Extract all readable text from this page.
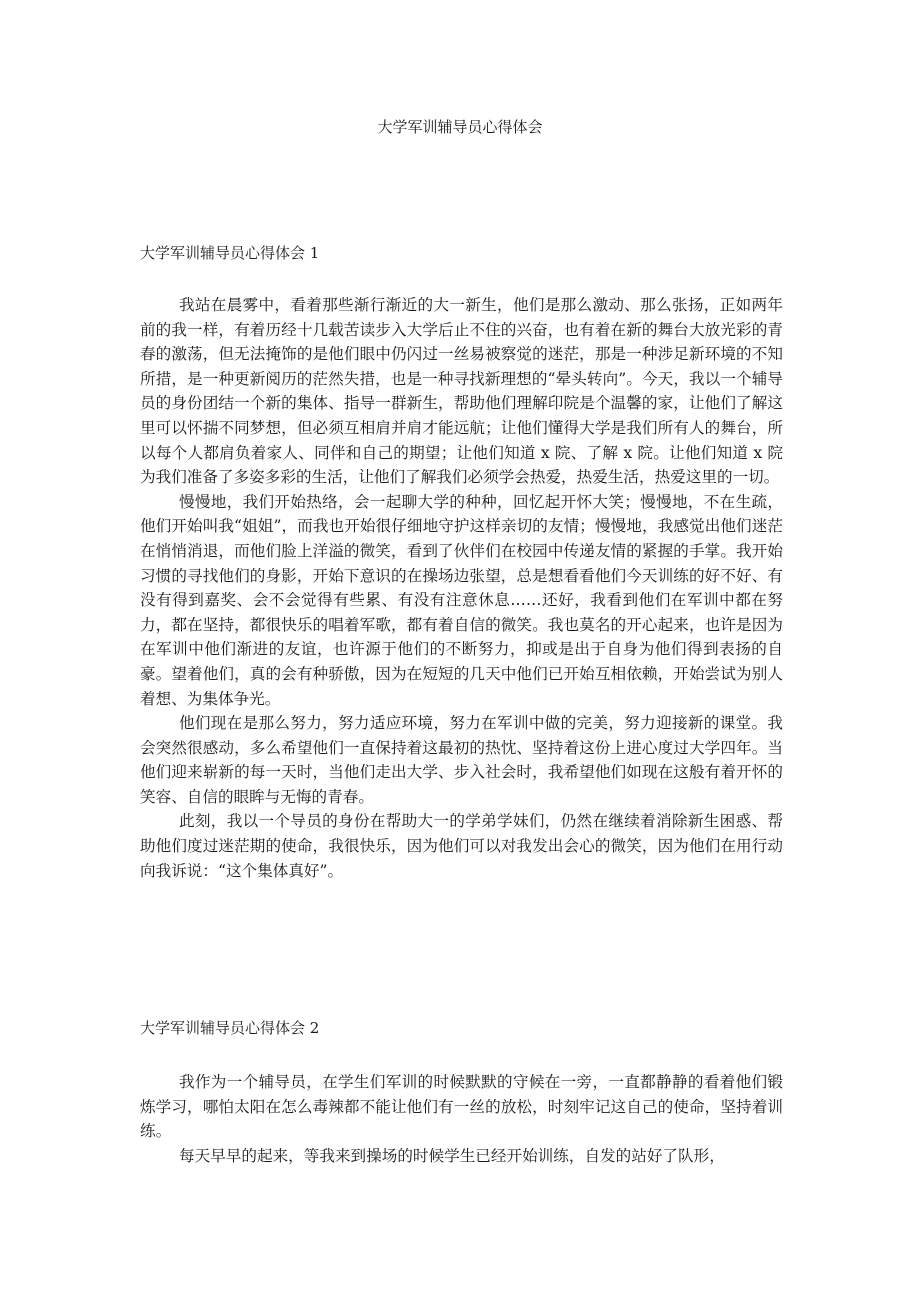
大学军训辅导员心得体会
大学军训辅导员心得体会 1

我站在晨雾中，看着那些渐行渐近的大一新生，他们是那么激动、那么张扬，正如两年前的我一样，有着历经十几载苦读步入大学后止不住的兴奋，也有着在新的舞台大放光彩的青春的激荡，但无法掩饰的是他们眼中仍闪过一丝易被察觉的迷茫，那是一种涉足新环境的不知所措，是一种更新阅历的茫然失措，也是一种寻找新理想的“晕头转向”。今天，我以一个辅导员的身份团结一个新的集体、指导一群新生，帮助他们理解印院是个温馨的家，让他们了解这里可以怀揣不同梦想，但必须互相肩并肩才能远航；让他们懂得大学是我们所有人的舞台，所以每个人都肩负着家人、同伴和自己的期望；让他们知道 x 院、了解 x 院。让他们知道 x 院为我们准备了多姿多彩的生活，让他们了解我们必须学会热爱，热爱生活，热爱这里的一切。

慢慢地，我们开始热络，会一起聊大学的种种，回忆起开怀大笑；慢慢地，不在生疏，他们开始叫我“姐姐”，而我也开始很仔细地守护这样亲切的友情；慢慢地，我感觉出他们迷茫在悄悄消退，而他们脸上洋溢的微笑，看到了伙伴们在校园中传递友情的紧握的手掌。我开始习惯的寻找他们的身影，开始下意识的在操场边张望，总是想看看他们今天训练的好不好、有没有得到嘉奖、会不会觉得有些累、有没有注意休息……还好，我看到他们在军训中都在努力，都在坚持，都很快乐的唱着军歌，都有着自信的微笑。我也莫名的开心起来，也许是因为在军训中他们渐进的友谊，也许源于他们的不断努力，抑或是出于自身为他们得到表扬的自豪。望着他们，真的会有种骄傲，因为在短短的几天中他们已开始互相依赖，开始尝试为别人着想、为集体争光。

他们现在是那么努力，努力适应环境，努力在军训中做的完美，努力迎接新的课堂。我会突然很感动，多么希望他们一直保持着这最初的热忱、坚持着这份上进心度过大学四年。当他们迎来崭新的每一天时，当他们走出大学、步入社会时，我希望他们如现在这般有着开怀的笑容、自信的眼眸与无悔的青春。

此刻，我以一个导员的身份在帮助大一的学弟学妹们，仍然在继续着消除新生困惑、帮助他们度过迷茫期的使命，我很快乐，因为他们可以对我发出会心的微笑，因为他们在用行动向我诉说：“这个集体真好”。

大学军训辅导员心得体会 2

我作为一个辅导员，在学生们军训的时候默默的守候在一旁，一直都静静的看着他们锻炼学习，哪怕太阳在怎么毒辣都不能让他们有一丝的放松，时刻牢记这自己的使命，坚持着训练。

每天早早的起来，等我来到操场的时候学生已经开始训练，自发的站好了队形，
